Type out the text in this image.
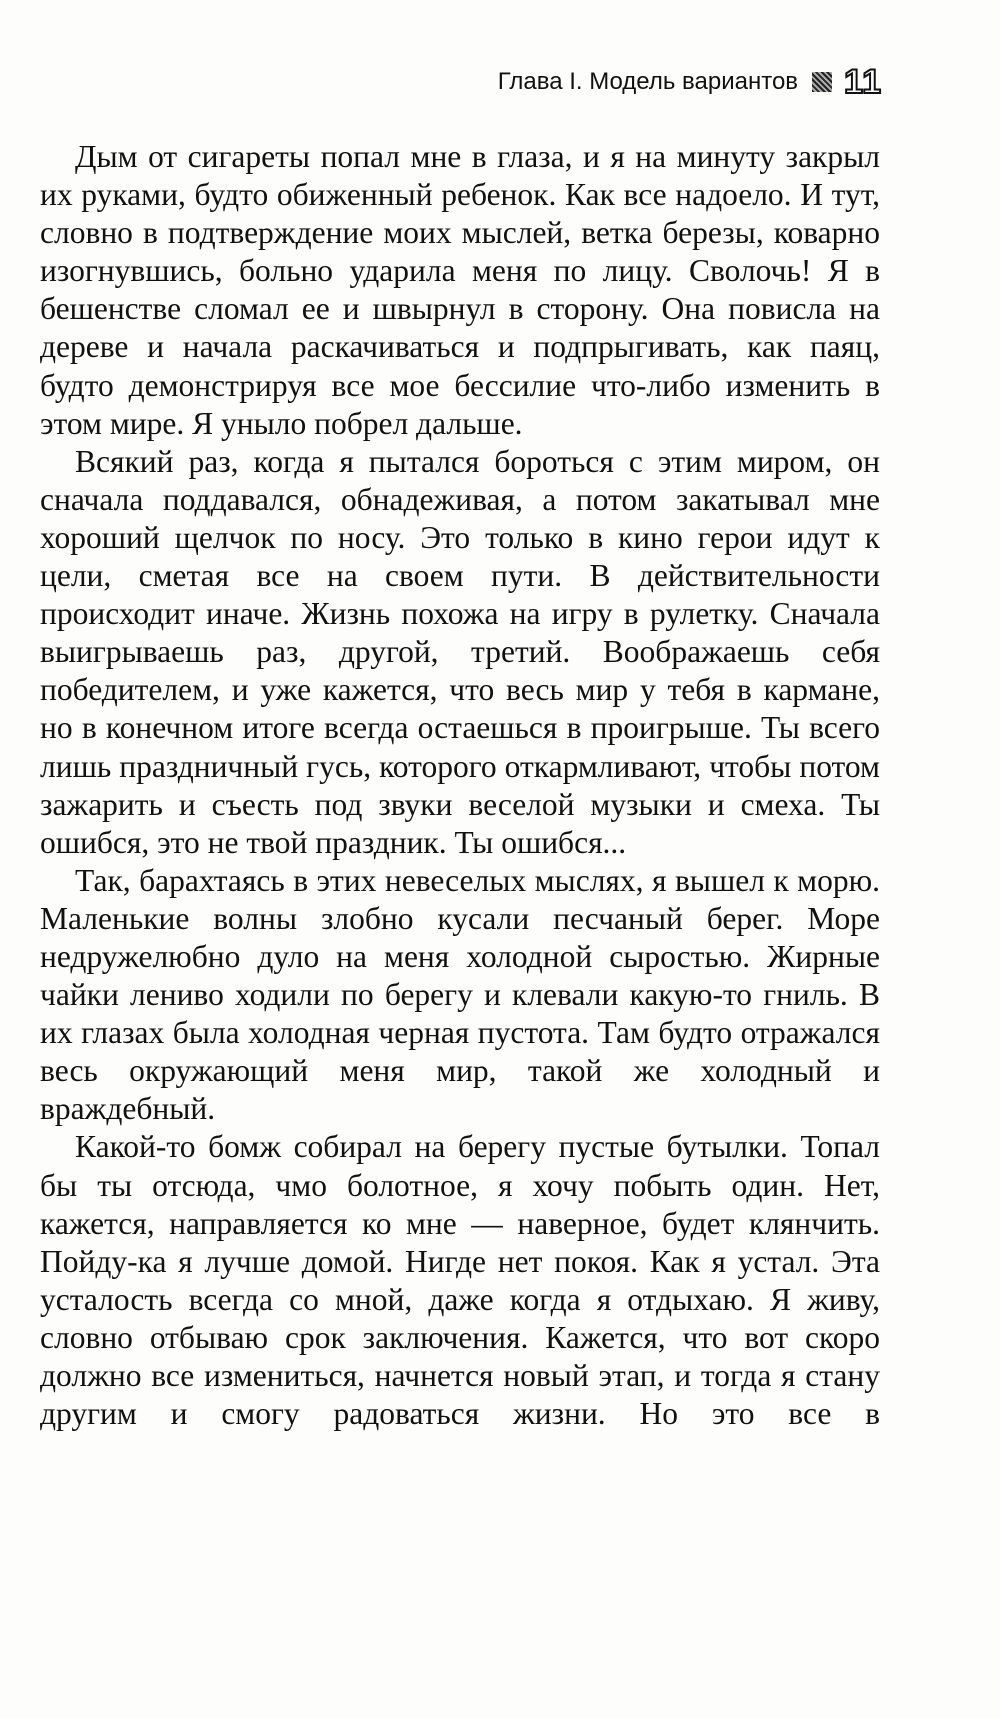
Глава I. Модель вариантов 11

Дым от сигареты попал мне в глаза, и я на минуту закрыл их руками, будто обиженный ребенок. Как все надоело. И тут, словно в подтверждение моих мыслей, ветка березы, коварно изогнувшись, больно ударила меня по лицу. Сволочь! Я в бешенстве сломал ее и швырнул в сторону. Она повисла на дереве и начала раскачиваться и подпрыгивать, как паяц, будто демонстрируя все мое бессилие что-либо изменить в этом мире. Я уныло побрел дальше.

Всякий раз, когда я пытался бороться с этим миром, он сначала поддавался, обнадеживая, а потом закатывал мне хороший щелчок по носу. Это только в кино герои идут к цели, сметая все на своем пути. В действительности происходит иначе. Жизнь похожа на игру в рулетку. Сначала выигрываешь раз, другой, третий. Воображаешь себя победителем, и уже кажется, что весь мир у тебя в кармане, но в конечном итоге всегда остаешься в проигрыше. Ты всего лишь праздничный гусь, которого откармливают, чтобы потом зажарить и съесть под звуки веселой музыки и смеха. Ты ошибся, это не твой праздник. Ты ошибся...

Так, барахтаясь в этих невеселых мыслях, я вышел к морю. Маленькие волны злобно кусали песчаный берег. Море недружелюбно дуло на меня холодной сыростью. Жирные чайки лениво ходили по берегу и клевали какую-то гниль. В их глазах была холодная черная пустота. Там будто отражался весь окружающий меня мир, такой же холодный и враждебный.

Какой-то бомж собирал на берегу пустые бутылки. Топал бы ты отсюда, чмо болотное, я хочу побыть один. Нет, кажется, направляется ко мне — наверное, будет клянчить. Пойду-ка я лучше домой. Нигде нет покоя. Как я устал. Эта усталость всегда со мной, даже когда я отдыхаю. Я живу, словно отбываю срок заключения. Кажется, что вот скоро должно все измениться, начнется новый этап, и тогда я стану другим и смогу радоваться жизни. Но это все в
